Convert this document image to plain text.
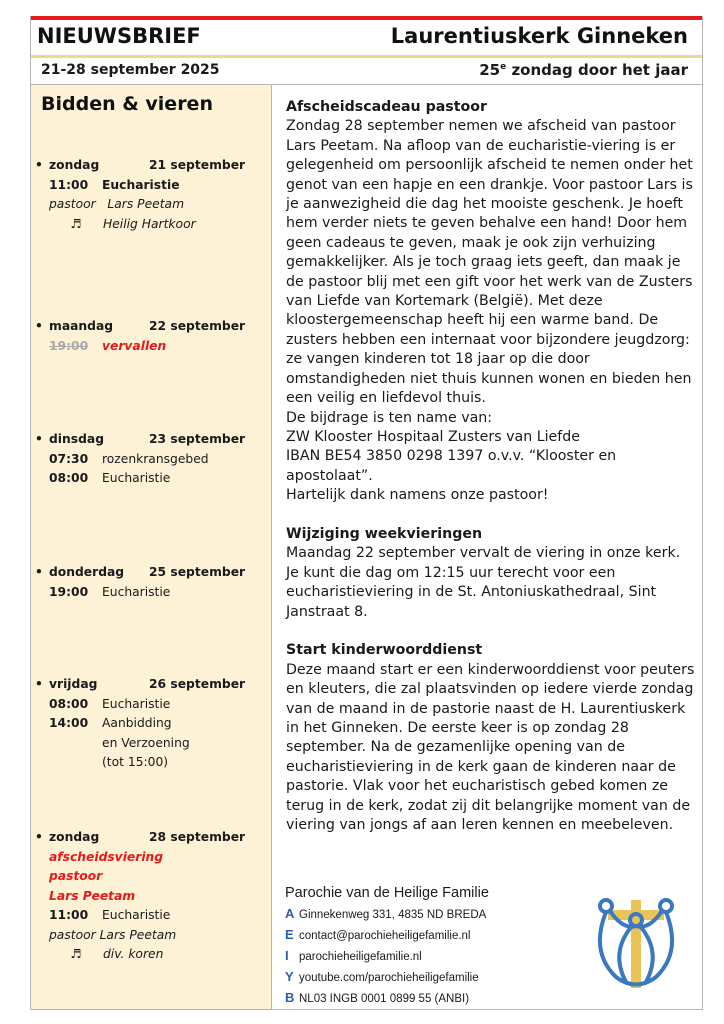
NIEUWSBRIEF	Laurentiuskerk Ginneken
21-28 september 2025	25e zondag door het jaar
Bidden & vieren
• zondag	21 september
11:00 Eucharistie
pastoor Lars Peetam
♬ Heilig Hartkoor
• maandag	22 september
19:00 vervallen
• dinsdag	23 september
07:30 rozenkransgebed
08:00 Eucharistie
• donderdag 25 september
19:00 Eucharistie
• vrijdag	26 september
08:00 Eucharistie
14:00 Aanbidding
en Verzoening
(tot 15:00)
• zondag	28 september
afscheidsviering
pastoor
Lars Peetam
11:00 Eucharistie
pastoor Lars Peetam
♬ div. koren
Afscheidscadeau pastoor

Zondag 28 september nemen we afscheid van pastoor Lars Peetam. Na afloop van de eucharistie-viering is er gelegenheid om persoonlijk afscheid te nemen onder het genot van een hapje en een drankje. Voor pastoor Lars is je aanwezigheid die dag het mooiste geschenk. Je hoeft hem verder niets te geven behalve een hand! Door hem geen cadeaus te geven, maak je ook zijn verhuizing gemakkelijker. Als je toch graag iets geeft, dan maak je de pastoor blij met een gift voor het werk van de Zusters van Liefde van Kortemark (België). Met deze kloostergemeenschap heeft hij een warme band. De zusters hebben een internaat voor bijzondere jeugdzorg: ze vangen kinderen tot 18 jaar op die door omstandigheden niet thuis kunnen wonen en bieden hen een veilig en liefdevol thuis.

De bijdrage is ten name van:

ZW Klooster Hospitaal Zusters van Liefde

IBAN BE54 3850 0298 1397 o.v.v. “Klooster en apostolaat”.

Hartelijk dank namens onze pastoor!

Wijziging weekvieringen

Maandag 22 september vervalt de viering in onze kerk. Je kunt die dag om 12:15 uur terecht voor een eucharistieviering in de St. Antoniuskathedraal, Sint Janstraat 8.

Start kinderwoorddienst

Deze maand start er een kinderwoorddienst voor peuters en kleuters, die zal plaatsvinden op iedere vierde zondag van de maand in de pastorie naast de H. Laurentiuskerk in het Ginneken. De eerste keer is op zondag 28 september. Na de gezamenlijke opening van de eucharistieviering in de kerk gaan de kinderen naar de pastorie. Vlak voor het eucharistisch gebed komen ze terug in de kerk, zodat zij dit belangrijke moment van de viering van jongs af aan leren kennen en meebeleven.

Parochie van de Heilige Familie
A Ginnekenweg 331, 4835 ND BREDA
E contact@parochieheiligefamilie.nl
I parochieheiligefamilie.nl
Y youtube.com/parochieheiligefamilie
B NL03 INGB 0001 0899 55 (ANBI)
